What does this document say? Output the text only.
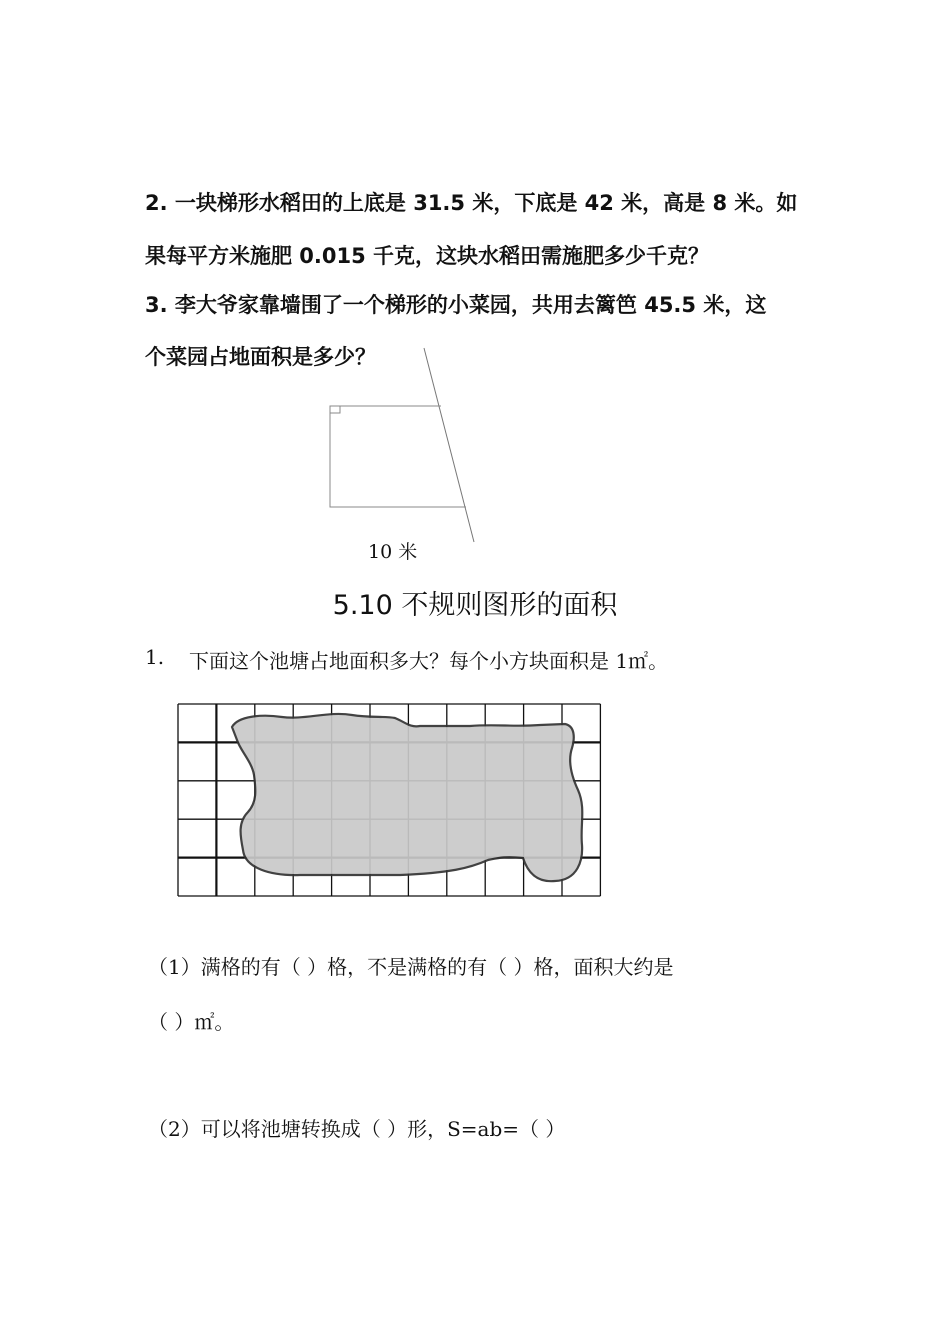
2. 一块梯形水稻田的上底是 31.5 米，下底是 42 米，高是 8 米。如
果每平方米施肥 0.015 千克，这块水稻田需施肥多少千克？
3. 李大爷家靠墙围了一个梯形的小菜园，共用去篱笆 45.5 米，这
个菜园占地面积是多少？
10 米
5.10 不规则图形的面积
1. 下面这个池塘占地面积多大？每个小方块面积是 1㎡。
（1）满格的有（ ）格，不是满格的有（ ）格，面积大约是
（ ）㎡。
（2）可以将池塘转换成（ ）形，S=ab=（ ）
